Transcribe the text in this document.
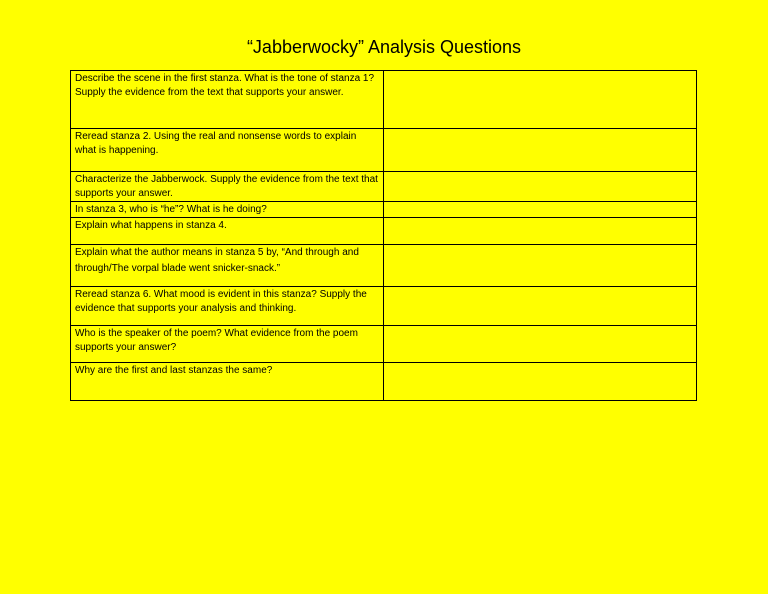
“Jabberwocky” Analysis Questions
Describe the scene in the first stanza. What is the tone of stanza 1? Supply the evidence from the text that supports your answer.	
Reread stanza 2. Using the real and nonsense words to explain what is happening.	
Characterize the Jabberwock. Supply the evidence from the text that supports your answer.	
In stanza 3, who is “he”? What is he doing?	
Explain what happens in stanza 4.	
Explain what the author means in stanza 5 by, “And through and through/The vorpal blade went snicker-snack.”	
Reread stanza 6. What mood is evident in this stanza? Supply the evidence that supports your analysis and thinking.	
Who is the speaker of the poem? What evidence from the poem supports your answer?	
Why are the first and last stanzas the same?	
